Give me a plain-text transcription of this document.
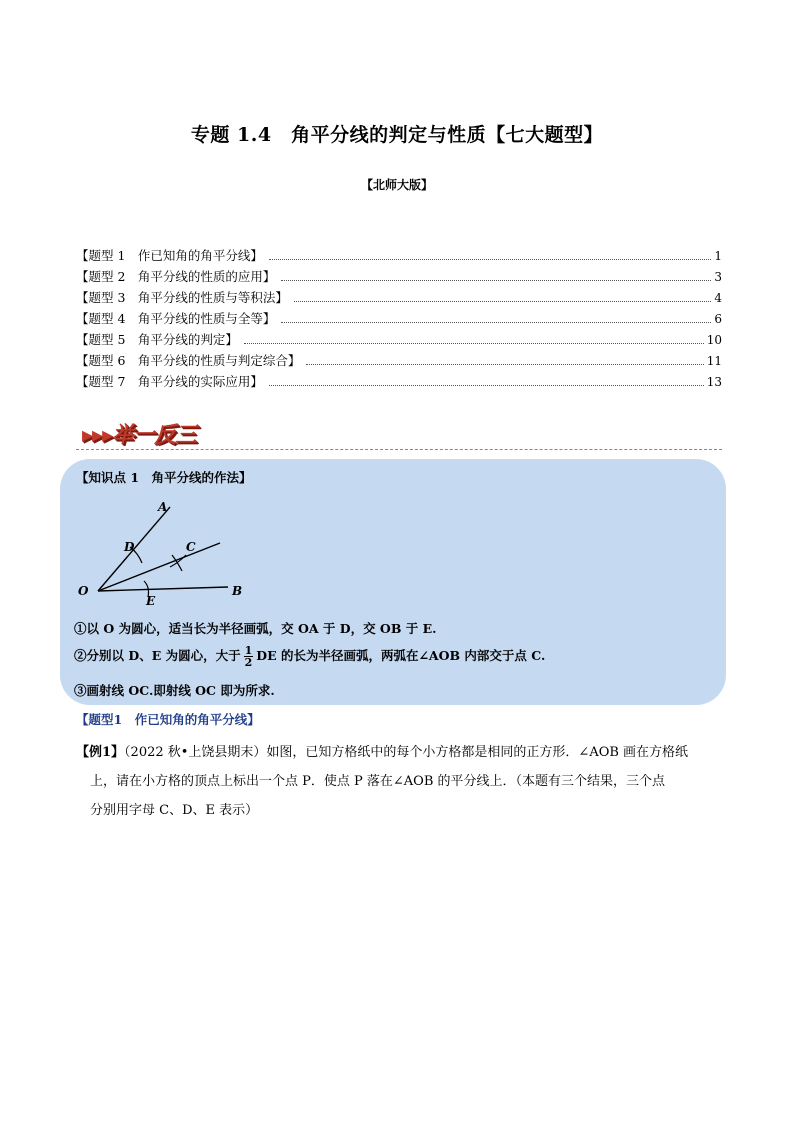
专题 1.4　角平分线的判定与性质【七大题型】
【北师大版】
【题型 1　作已知角的角平分线】	1
【题型 2　角平分线的性质的应用】	3
【题型 3　角平分线的性质与等积法】	4
【题型 4　角平分线的性质与全等】	6
【题型 5　角平分线的判定】	10
【题型 6　角平分线的性质与判定综合】	11
【题型 7　角平分线的实际应用】	13
▸▸▸举一反三
【知识点 1　角平分线的作法】
A
B
C
D
E
O
①以 O 为圆心，适当长为半径画弧，交 OA 于 D，交 OB 于 E.
②分别以 D、E 为圆心，大于 $\frac{1}{2}$ DE 的长为半径画弧，两弧在∠AOB 内部交于点 C.
③画射线 OC.即射线 OC 即为所求.
【题型1　作已知角的角平分线】
【例1】（2022 秋•上饶县期末）如图，已知方格纸中的每个小方格都是相同的正方形．∠AOB 画在方格纸
上，请在小方格的顶点上标出一个点 P．使点 P 落在∠AOB 的平分线上．（本题有三个结果，三个点
分别用字母 C、D、E 表示）
